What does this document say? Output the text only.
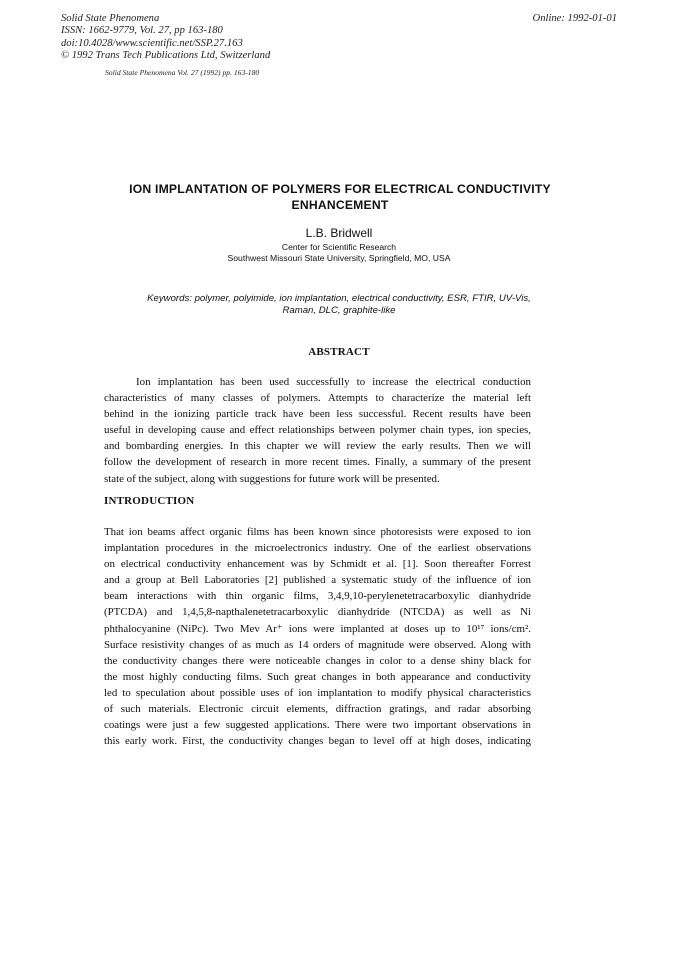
Solid State Phenomena
ISSN: 1662-9779, Vol. 27, pp 163-180
doi:10.4028/www.scientific.net/SSP.27.163
© 1992 Trans Tech Publications Ltd, Switzerland
Online: 1992-01-01
Solid State Phenomena Vol. 27 (1992) pp. 163-180
ION IMPLANTATION OF POLYMERS FOR ELECTRICAL CONDUCTIVITY
ENHANCEMENT
L.B. Bridwell
Center for Scientific Research
Southwest Missouri State University, Springfield, MO, USA
Keywords: polymer, polyimide, ion implantation, electrical conductivity, ESR, FTIR, UV-Vis,
Raman, DLC, graphite-like
ABSTRACT
Ion implantation has been used successfully to increase the electrical conduction
characteristics of many classes of polymers. Attempts to characterize the material left
behind in the ionizing particle track have been less successful. Recent results have been
useful in developing cause and effect relationships between polymer chain types, ion species,
and bombarding energies. In this chapter we will review the early results. Then we will
follow the development of research in more recent times. Finally, a summary of the present
state of the subject, along with suggestions for future work will be presented.
INTRODUCTION
That ion beams affect organic films has been known since photoresists were exposed to ion
implantation procedures in the microelectronics industry. One of the earliest observations
on electrical conductivity enhancement was by Schmidt et al. [1]. Soon thereafter Forrest
and a group at Bell Laboratories [2] published a systematic study of the influence of ion
beam interactions with thin organic films, 3,4,9,10-perylenetetracarboxylic dianhydride
(PTCDA) and 1,4,5,8-napthalenetetracarboxylic dianhydride (NTCDA) as well as Ni
phthalocyanine (NiPc). Two Mev Ar⁺ ions were implanted at doses up to 10¹⁷ ions/cm².
Surface resistivity changes of as much as 14 orders of magnitude were observed. Along with
the conductivity changes there were noticeable changes in color to a dense shiny black for
the most highly conducting films. Such great changes in both appearance and conductivity
led to speculation about possible uses of ion implantation to modify physical characteristics
of such materials. Electronic circuit elements, diffraction gratings, and radar absorbing
coatings were just a few suggested applications. There were two important observations in
this early work. First, the conductivity changes began to level off at high doses, indicating
